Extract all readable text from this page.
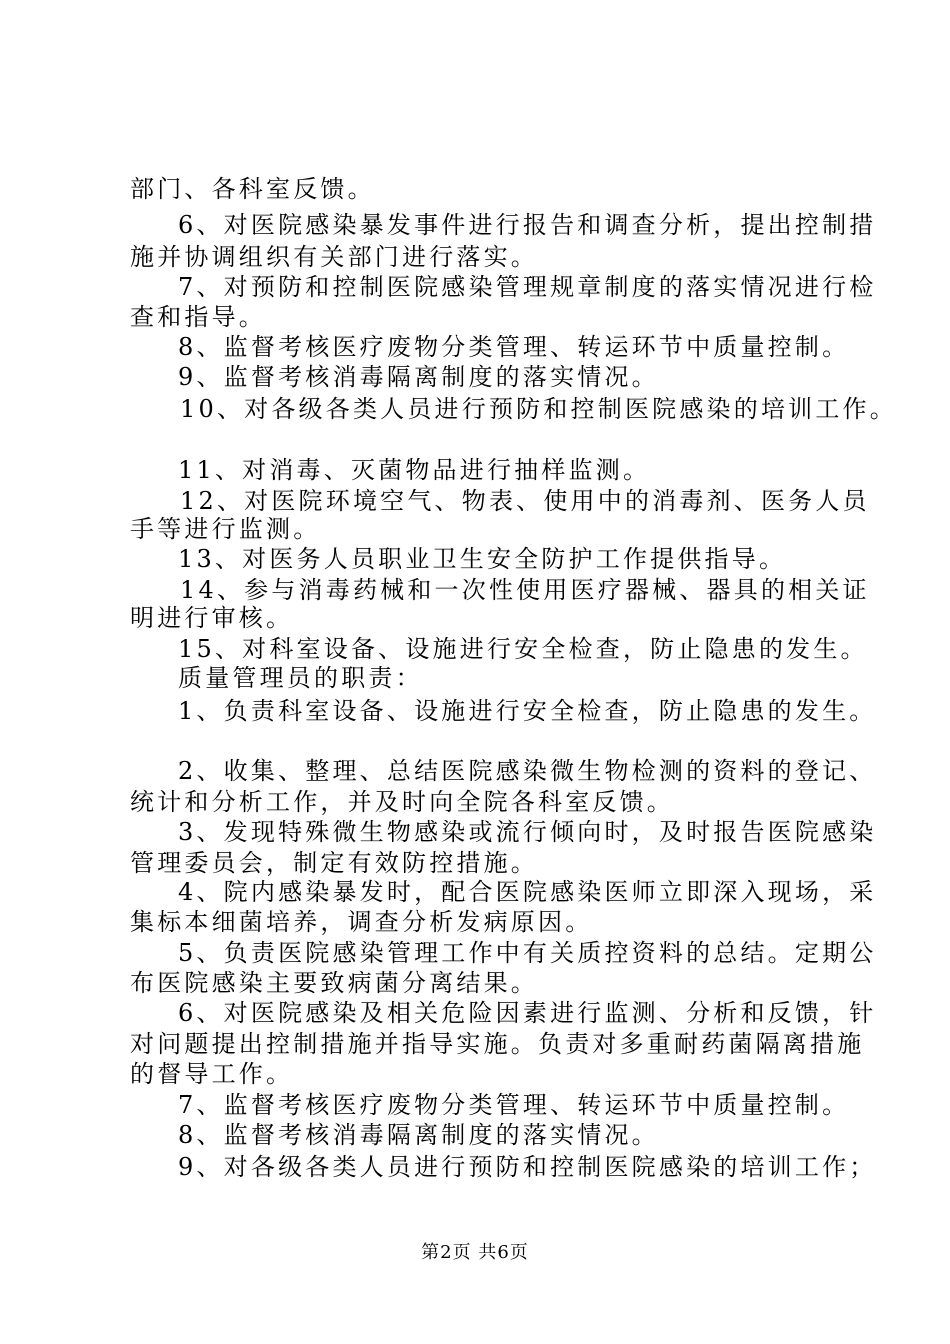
部门、各科室反馈。
6、对医院感染暴发事件进行报告和调查分析，提出控制措
施并协调组织有关部门进行落实。
7、对预防和控制医院感染管理规章制度的落实情况进行检
查和指导。
8、监督考核医疗废物分类管理、转运环节中质量控制。
9、监督考核消毒隔离制度的落实情况。
10、对各级各类人员进行预防和控制医院感染的培训工作。
11、对消毒、灭菌物品进行抽样监测。
12、对医院环境空气、物表、使用中的消毒剂、医务人员
手等进行监测。
13、对医务人员职业卫生安全防护工作提供指导。
14、参与消毒药械和一次性使用医疗器械、器具的相关证
明进行审核。
15、对科室设备、设施进行安全检查，防止隐患的发生。
质量管理员的职责：
1、负责科室设备、设施进行安全检查，防止隐患的发生。
2、收集、整理、总结医院感染微生物检测的资料的登记、
统计和分析工作，并及时向全院各科室反馈。
3、发现特殊微生物感染或流行倾向时，及时报告医院感染
管理委员会，制定有效防控措施。
4、院内感染暴发时，配合医院感染医师立即深入现场，采
集标本细菌培养，调查分析发病原因。
5、负责医院感染管理工作中有关质控资料的总结。定期公
布医院感染主要致病菌分离结果。
6、对医院感染及相关危险因素进行监测、分析和反馈，针
对问题提出控制措施并指导实施。负责对多重耐药菌隔离措施
的督导工作。
7、监督考核医疗废物分类管理、转运环节中质量控制。
8、监督考核消毒隔离制度的落实情况。
9、对各级各类人员进行预防和控制医院感染的培训工作；
第2页 共6页
